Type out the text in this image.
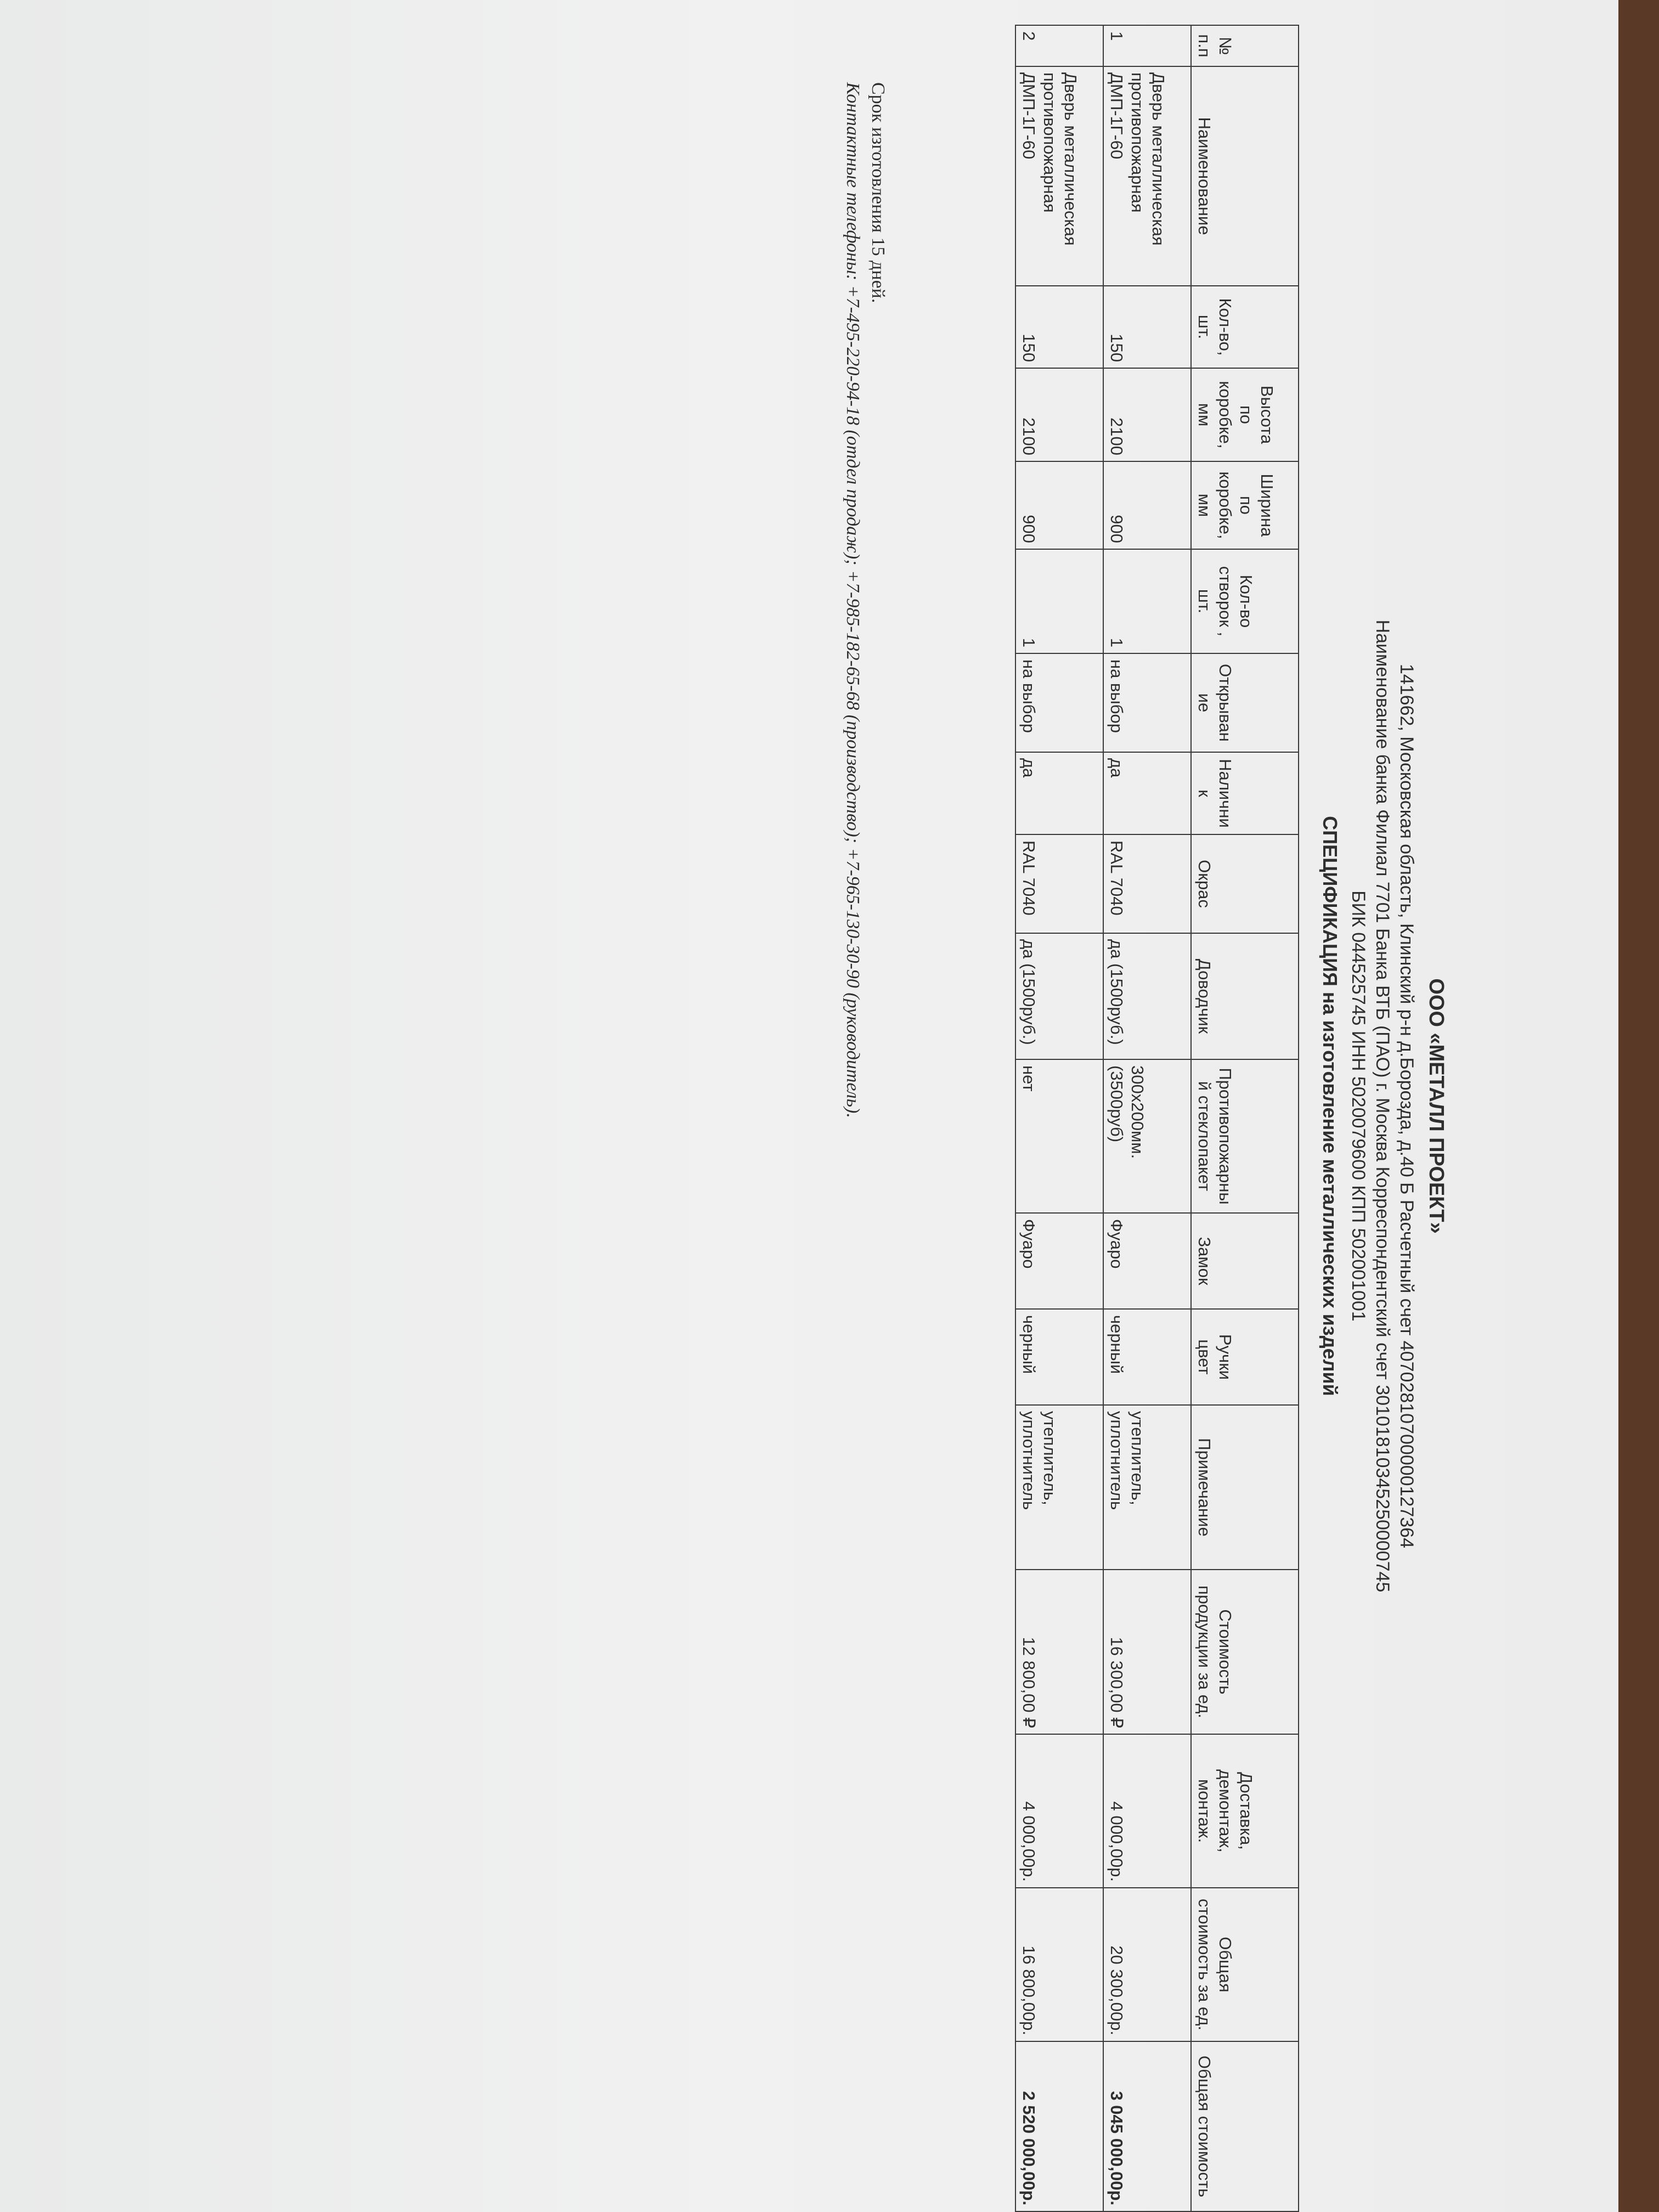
ООО «МЕТАЛЛ ПРОЕКТ»
141662, Московская область, Клинский р-н д.Борозда, д.40 Б Расчетный счет 40702810700000127364
Наименование банка Филиал 7701 Банка ВТБ (ПАО) г. Москва Корреспондентский счет 30101810345250000745
БИК 044525745 ИНН 5020079600 КПП 502001001
СПЕЦИФИКАЦИЯ на изготовление металлических изделий
№ п.п	Наименование	Кол-во, шт.	Высота по коробке, мм	Ширина по коробке, мм	Кол-во створок , шт.	Открывание	Наличник	Окрас	Доводчик	Противопожарный стеклопакет	Замок	Ручки цвет	Примечание	Стоимость продукции за ед.	Доставка, демонтаж, монтаж.	Общая стоимость за ед.	Общая стоимость
1	Дверь металлическая противопожарная ДМП-1Г-60	150	2100	900	1	на выбор	да	RAL 7040	да (1500руб.)	300х200мм. (3500руб)	Фуаро	черный	утеплитель, уплотнитель	16 300,00 ₽	4 000,00р.	20 300,00р.	3 045 000,00р.
2	Дверь металлическая противопожарная ДМП-1Г-60	150	2100	900	1	на выбор	да	RAL 7040	да (1500руб.)	нет	Фуаро	черный	утеплитель, уплотнитель	12 800,00 ₽	4 000,00р.	16 800,00р.	2 520 000,00р.
Срок изготовления 15 дней.
Контактные телефоны: +7-495-220-94-18 (отдел продаж); +7-985-182-65-68 (производство); +7-965-130-30-90 (руководитель).
